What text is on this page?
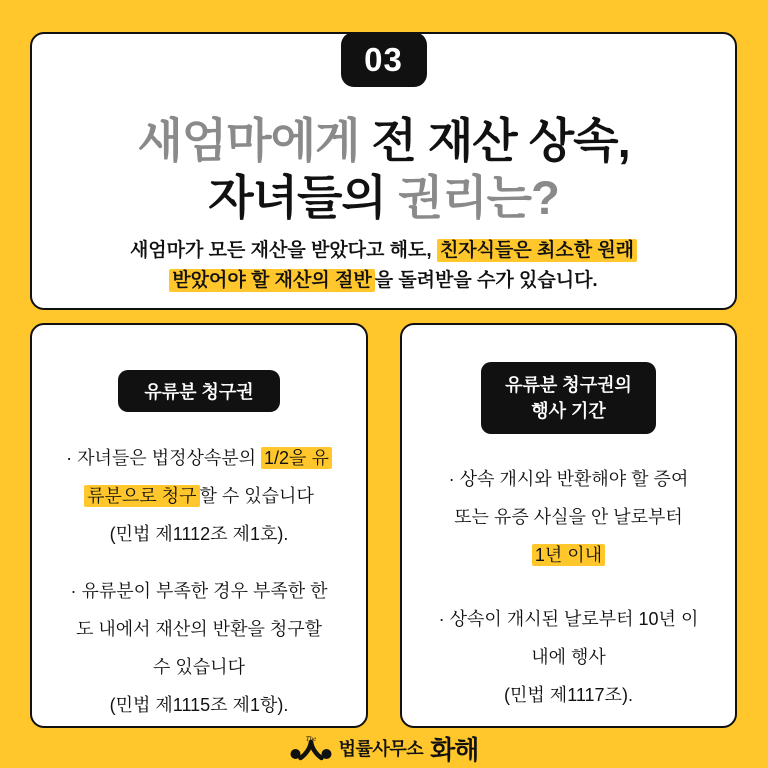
03
새엄마에게 전 재산 상속,
자녀들의 권리는?

새엄마가 모든 재산을 받았다고 해도, 친자식들은 최소한 원래
받았어야 할 재산의 절반 을 돌려받을 수가 있습니다.

유류분 청구권
· 자녀들은 법정상속분의 1/2을 유
류분으로 청구 할 수 있습니다
(민법 제1112조 제1호).
· 유류분이 부족한 경우 부족한 한
도 내에서 재산의 반환을 청구할
수 있습니다
(민법 제1115조 제1항).
유류분 청구권의
행사 기간
· 상속 개시와 반환해야 할 증여
또는 유증 사실을 안 날로부터
1년 이내
· 상속이 개시된 날로부터 10년 이
내에 행사
(민법 제1117조).
The 법률사무소 화해
